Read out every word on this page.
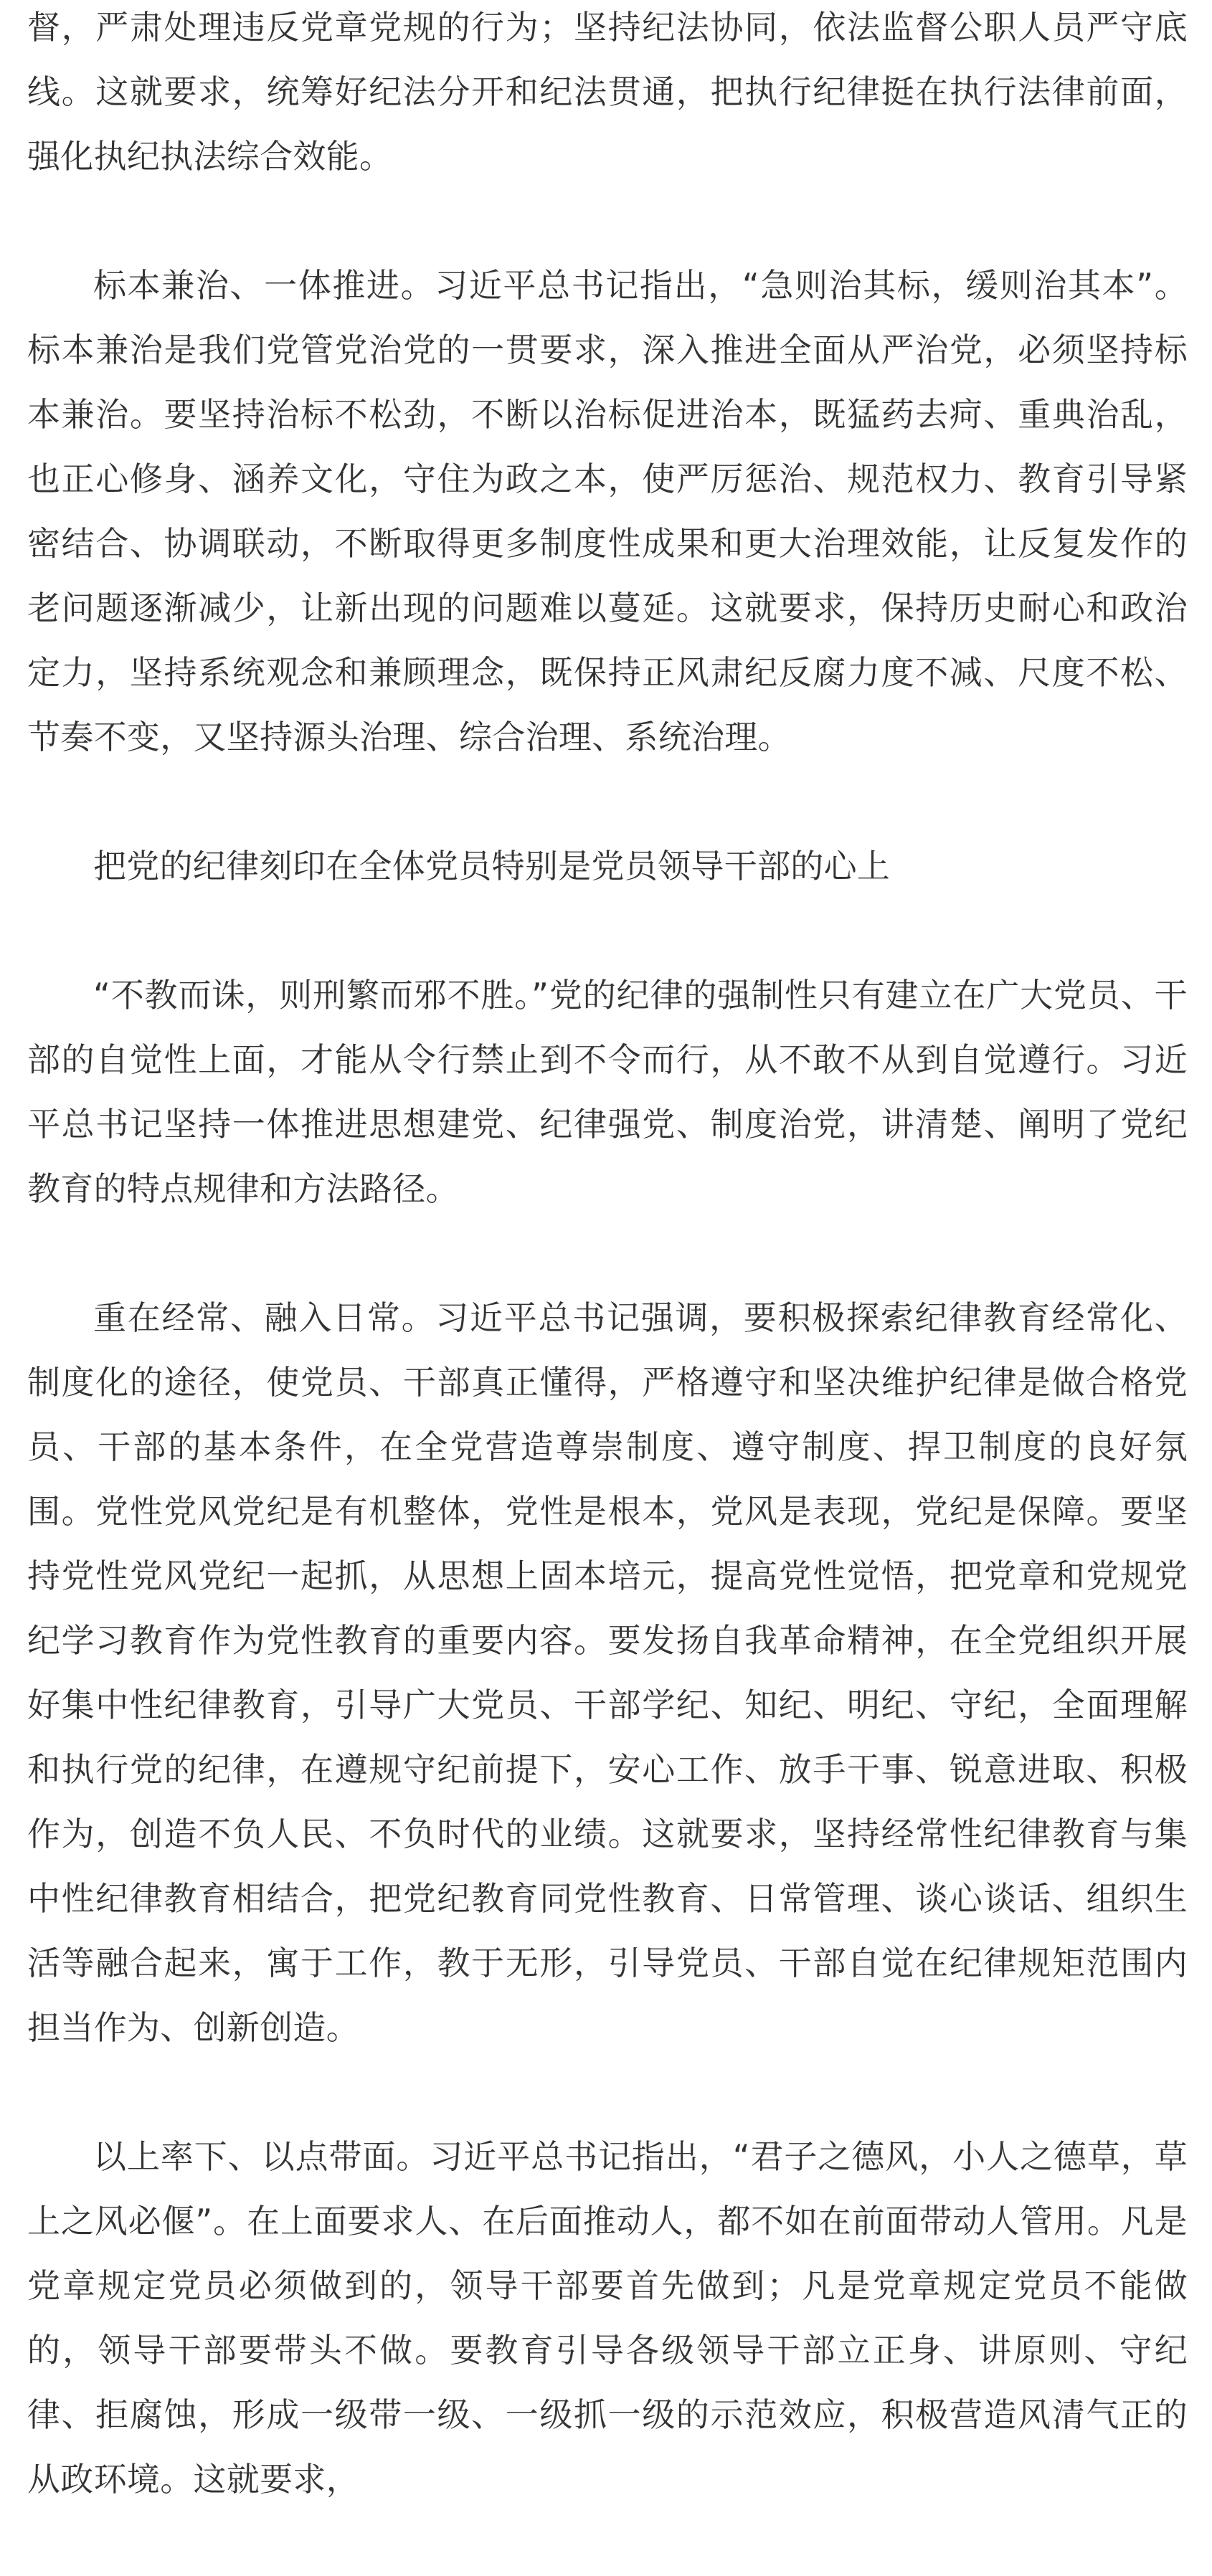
督，严肃处理违反党章党规的行为；坚持纪法协同，依法监督公职人员严守底线。这就要求，统筹好纪法分开和纪法贯通，把执行纪律挺在执行法律前面，强化执纪执法综合效能。

标本兼治、一体推进。习近平总书记指出，“急则治其标，缓则治其本”。标本兼治是我们党管党治党的一贯要求，深入推进全面从严治党，必须坚持标本兼治。要坚持治标不松劲，不断以治标促进治本，既猛药去疴、重典治乱，也正心修身、涵养文化，守住为政之本，使严厉惩治、规范权力、教育引导紧密结合、协调联动，不断取得更多制度性成果和更大治理效能，让反复发作的老问题逐渐减少，让新出现的问题难以蔓延。这就要求，保持历史耐心和政治定力，坚持系统观念和兼顾理念，既保持正风肃纪反腐力度不减、尺度不松、节奏不变，又坚持源头治理、综合治理、系统治理。

把党的纪律刻印在全体党员特别是党员领导干部的心上

“不教而诛，则刑繁而邪不胜。”党的纪律的强制性只有建立在广大党员、干部的自觉性上面，才能从令行禁止到不令而行，从不敢不从到自觉遵行。习近平总书记坚持一体推进思想建党、纪律强党、制度治党，讲清楚、阐明了党纪教育的特点规律和方法路径。

重在经常、融入日常。习近平总书记强调，要积极探索纪律教育经常化、制度化的途径，使党员、干部真正懂得，严格遵守和坚决维护纪律是做合格党员、干部的基本条件，在全党营造尊崇制度、遵守制度、捍卫制度的良好氛围。党性党风党纪是有机整体，党性是根本，党风是表现，党纪是保障。要坚持党性党风党纪一起抓，从思想上固本培元，提高党性觉悟，把党章和党规党纪学习教育作为党性教育的重要内容。要发扬自我革命精神，在全党组织开展好集中性纪律教育，引导广大党员、干部学纪、知纪、明纪、守纪，全面理解和执行党的纪律，在遵规守纪前提下，安心工作、放手干事、锐意进取、积极作为，创造不负人民、不负时代的业绩。这就要求，坚持经常性纪律教育与集中性纪律教育相结合，把党纪教育同党性教育、日常管理、谈心谈话、组织生活等融合起来，寓于工作，教于无形，引导党员、干部自觉在纪律规矩范围内担当作为、创新创造。

以上率下、以点带面。习近平总书记指出，“君子之德风，小人之德草，草上之风必偃”。在上面要求人、在后面推动人，都不如在前面带动人管用。凡是党章规定党员必须做到的，领导干部要首先做到；凡是党章规定党员不能做的，领导干部要带头不做。要教育引导各级领导干部立正身、讲原则、守纪律、拒腐蚀，形成一级带一级、一级抓一级的示范效应，积极营造风清气正的从政环境。这就要求，
